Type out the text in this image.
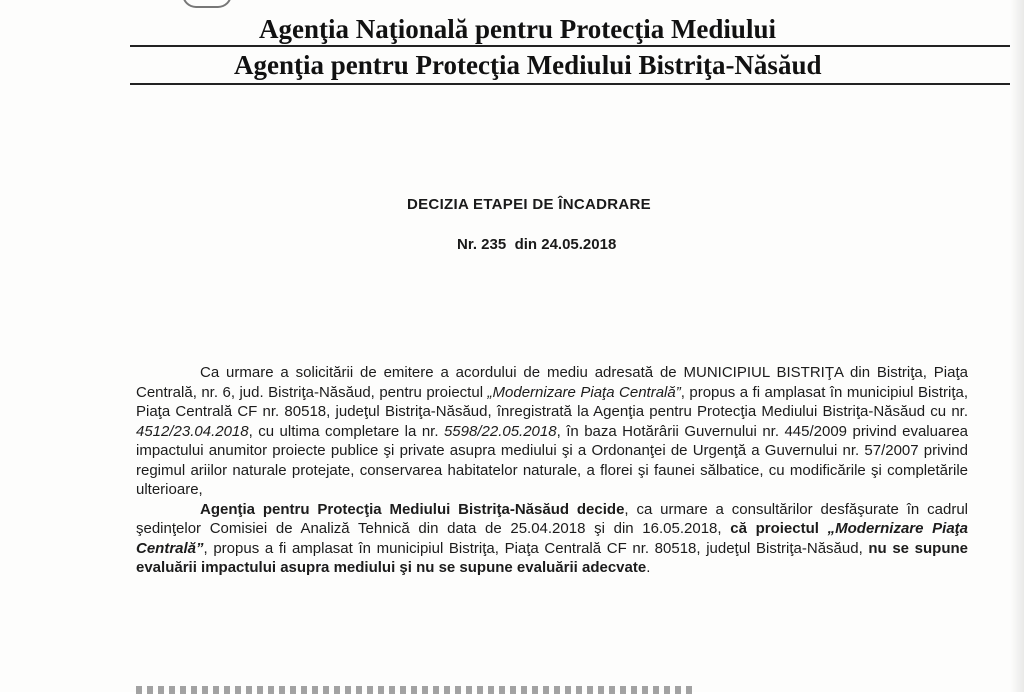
Agenţia Naţională pentru Protecţia Mediului
Agenţia pentru Protecţia Mediului Bistriţa-Năsăud
DECIZIA ETAPEI DE ÎNCADRARE
Nr. 235 din 24.05.2018

Ca urmare a solicitării de emitere a acordului de mediu adresată de MUNICIPIUL BISTRIŢA din Bistriţa, Piaţa Centrală, nr. 6, jud. Bistriţa-Năsăud, pentru proiectul „Modernizare Piaţa Centrală”, propus a fi amplasat în municipiul Bistriţa, Piaţa Centrală CF nr. 80518, judeţul Bistriţa-Năsăud, înregistrată la Agenţia pentru Protecţia Mediului Bistriţa-Năsăud cu nr. 4512/23.04.2018, cu ultima completare la nr. 5598/22.05.2018, în baza Hotărârii Guvernului nr. 445/2009 privind evaluarea impactului anumitor proiecte publice şi private asupra mediului şi a Ordonanţei de Urgenţă a Guvernului nr. 57/2007 privind regimul ariilor naturale protejate, conservarea habitatelor naturale, a florei şi faunei sălbatice, cu modificările şi completările ulterioare,

Agenţia pentru Protecţia Mediului Bistriţa-Năsăud decide, ca urmare a consultărilor desfăşurate în cadrul şedinţelor Comisiei de Analiză Tehnică din data de 25.04.2018 şi din 16.05.2018, că proiectul „Modernizare Piaţa Centrală”, propus a fi amplasat în municipiul Bistriţa, Piaţa Centrală CF nr. 80518, judeţul Bistriţa-Năsăud, nu se supune evaluării impactului asupra mediului şi nu se supune evaluării adecvate.
